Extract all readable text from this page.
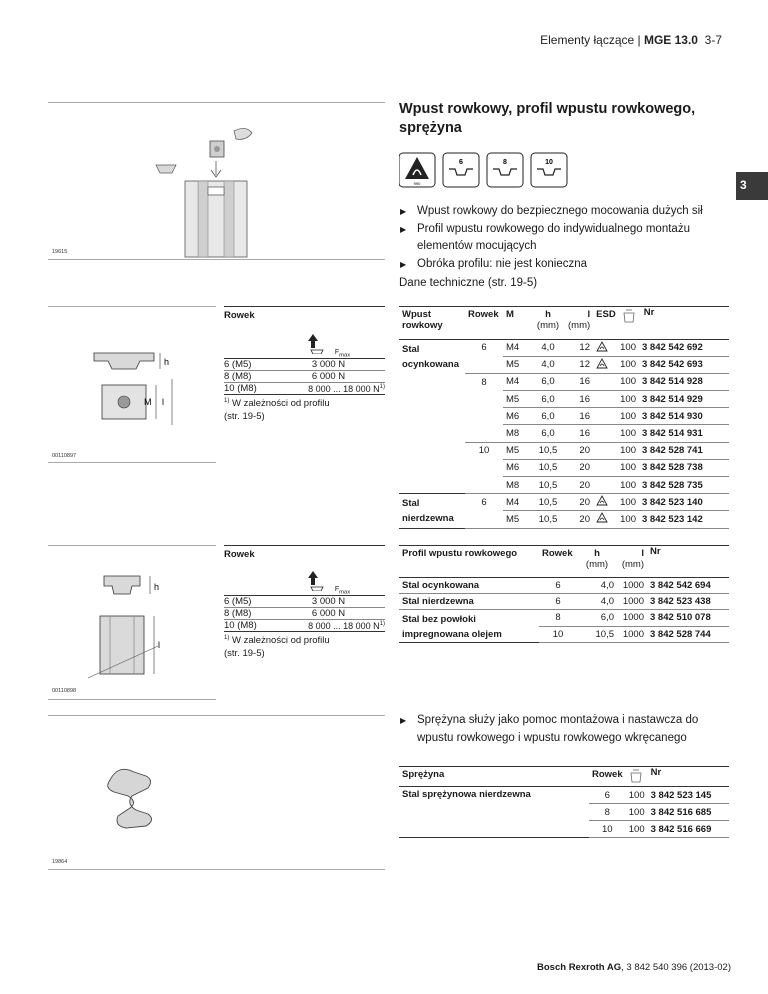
Elementy łączące | MGE 13.0 3-7
3
Wpust rowkowy, profil wpustu rowkowego, sprężyna
990
6	8	10
▶ Wpust rowkowy do bezpiecznego mocowania dużych sił
▶ Profil wpustu rowkowego do indywidualnego montażu elementów mocujących
▶ Obróka profilu: nie jest konieczna
Dane techniczne (str. 19-5)
19615
h
M l
00110897
Rowek	$F_{max}$
6 (M5)	3 000 N
8 (M8)	6 000 N
10 (M8)	8 000 ... 18 000 $N^{1)}$
$^{1)}$ W zależności od profilu
(str. 19-5)
Wpust
rowkowy	Rowek	M	h
(mm)	l
(mm)	ESD		Nr
Stal
ocynkowana	6	M4	4,0	12		100	3 842 542 692
		M5	4,0	12		100	3 842 542 693
	8	M4	6,0	16		100	3 842 514 928
		M5	6,0	16		100	3 842 514 929
		M6	6,0	16		100	3 842 514 930
		M8	6,0	16		100	3 842 514 931
	10	M5	10,5	20		100	3 842 528 741
		M6	10,5	20		100	3 842 528 738
		M8	10,5	20		100	3 842 528 735
Stal
nierdzewna	6	M4	10,5	20		100	3 842 523 140
		M5	10,5	20		100	3 842 523 142
h
l
00110898
Rowek	$F_{max}$
6 (M5)	3 000 N
8 (M8)	6 000 N
10 (M8)	8 000 ... 18 000 $N^{1)}$
$^{1)}$ W zależności od profilu
(str. 19-5)
Profil wpustu rowkowego	Rowek	h
(mm)	l
(mm)	Nr
Stal ocynkowana	6	4,0	1000	3 842 542 694
Stal nierdzewna	6	4,0	1000	3 842 523 438
Stal bez powłoki
impregnowana olejem	8	6,0	1000	3 842 510 078
	10	10,5	1000	3 842 528 744
19864
▶ Sprężyna służy jako pomoc montażowa i nastawcza do wpustu rowkowego i wpustu rowkowego wkręcanego
Sprężyna	Rowek		Nr
Stal sprężynowa nierdzewna	6	100	3 842 523 145
	8	100	3 842 516 685
	10	100	3 842 516 669
Bosch Rexroth AG, 3 842 540 396 (2013-02)
